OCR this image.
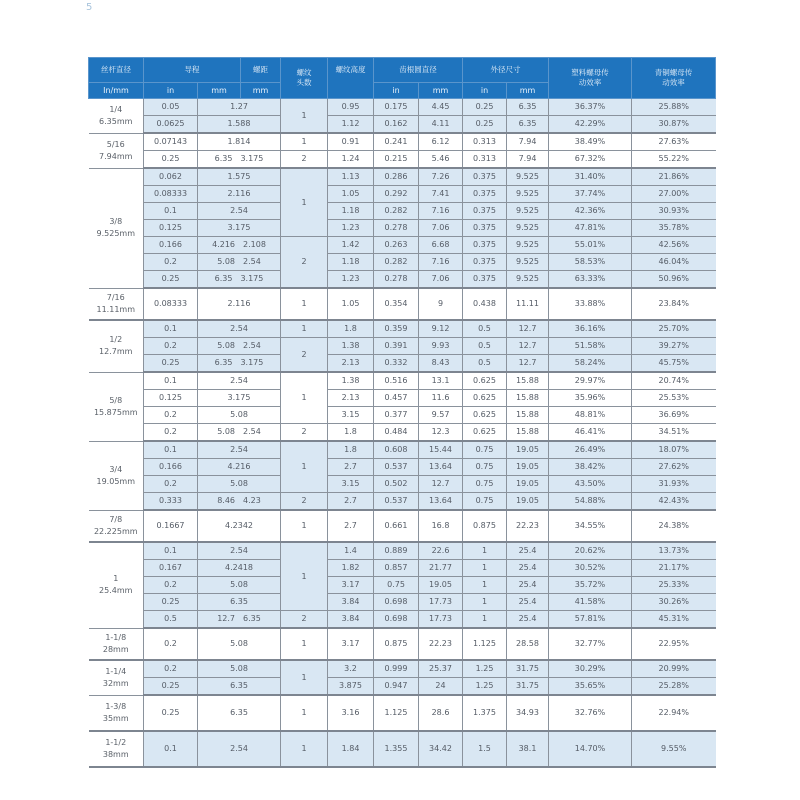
5
丝杆直径	导程		螺距	螺纹头数	螺纹高度	齿根圆直径		外径尺寸		塑料螺母传动效率	青铜螺母传动效率
In/mm	in	mm	mm			in	mm	in	mm		

1/4
6.35mm	0.05	1.27		1	0.95	0.175	4.45	0.25	6.35	36.37%	25.88%
	0.0625	1.588			1.12	0.162	4.11	0.25	6.35	42.29%	30.87%

5/16
7.94mm	0.07143	1.814		1	0.91	0.241	6.12	0.313	7.94	38.49%	27.63%
	0.25	6.35 3.175		2	1.24	0.215	5.46	0.313	7.94	67.32%	55.22%

3/8
9.525mm	0.062	1.575		1	1.13	0.286	7.26	0.375	9.525	31.40%	21.86%
	0.08333	2.116			1.05	0.292	7.41	0.375	9.525	37.74%	27.00%
	0.1	2.54			1.18	0.282	7.16	0.375	9.525	42.36%	30.93%
	0.125	3.175			1.23	0.278	7.06	0.375	9.525	47.81%	35.78%
	0.166	4.216 2.108		2	1.42	0.263	6.68	0.375	9.525	55.01%	42.56%
	0.2	5.08 2.54			1.18	0.282	7.16	0.375	9.525	58.53%	46.04%
	0.25	6.35 3.175			1.23	0.278	7.06	0.375	9.525	63.33%	50.96%

7/16
11.11mm	0.08333	2.116		1	1.05	0.354	9	0.438	11.11	33.88%	23.84%

1/2
12.7mm	0.1	2.54		1	1.8	0.359	9.12	0.5	12.7	36.16%	25.70%
	0.2	5.08 2.54		2	1.38	0.391	9.93	0.5	12.7	51.58%	39.27%
	0.25	6.35 3.175			2.13	0.332	8.43	0.5	12.7	58.24%	45.75%

5/8
15.875mm	0.1	2.54		1	1.38	0.516	13.1	0.625	15.88	29.97%	20.74%
	0.125	3.175			2.13	0.457	11.6	0.625	15.88	35.96%	25.53%
	0.2	5.08			3.15	0.377	9.57	0.625	15.88	48.81%	36.69%
	0.2	5.08 2.54		2	1.8	0.484	12.3	0.625	15.88	46.41%	34.51%

3/4
19.05mm	0.1	2.54		1	1.8	0.608	15.44	0.75	19.05	26.49%	18.07%
	0.166	4.216			2.7	0.537	13.64	0.75	19.05	38.42%	27.62%
	0.2	5.08			3.15	0.502	12.7	0.75	19.05	43.50%	31.93%
	0.333	8.46 4.23		2	2.7	0.537	13.64	0.75	19.05	54.88%	42.43%

7/8
22.225mm	0.1667	4.2342		1	2.7	0.661	16.8	0.875	22.23	34.55%	24.38%

1
25.4mm	0.1	2.54		1	1.4	0.889	22.6	1	25.4	20.62%	13.73%
	0.167	4.2418			1.82	0.857	21.77	1	25.4	30.52%	21.17%
	0.2	5.08			3.17	0.75	19.05	1	25.4	35.72%	25.33%
	0.25	6.35			3.84	0.698	17.73	1	25.4	41.58%	30.26%
	0.5	12.7 6.35		2	3.84	0.698	17.73	1	25.4	57.81%	45.31%

1-1/8
28mm	0.2	5.08		1	3.17	0.875	22.23	1.125	28.58	32.77%	22.95%

1-1/4
32mm	0.2	5.08		1	3.2	0.999	25.37	1.25	31.75	30.29%	20.99%
	0.25	6.35			3.875	0.947	24	1.25	31.75	35.65%	25.28%

1-3/8
35mm	0.25	6.35		1	3.16	1.125	28.6	1.375	34.93	32.76%	22.94%

1-1/2
38mm	0.1	2.54		1	1.84	1.355	34.42	1.5	38.1	14.70%	9.55%
